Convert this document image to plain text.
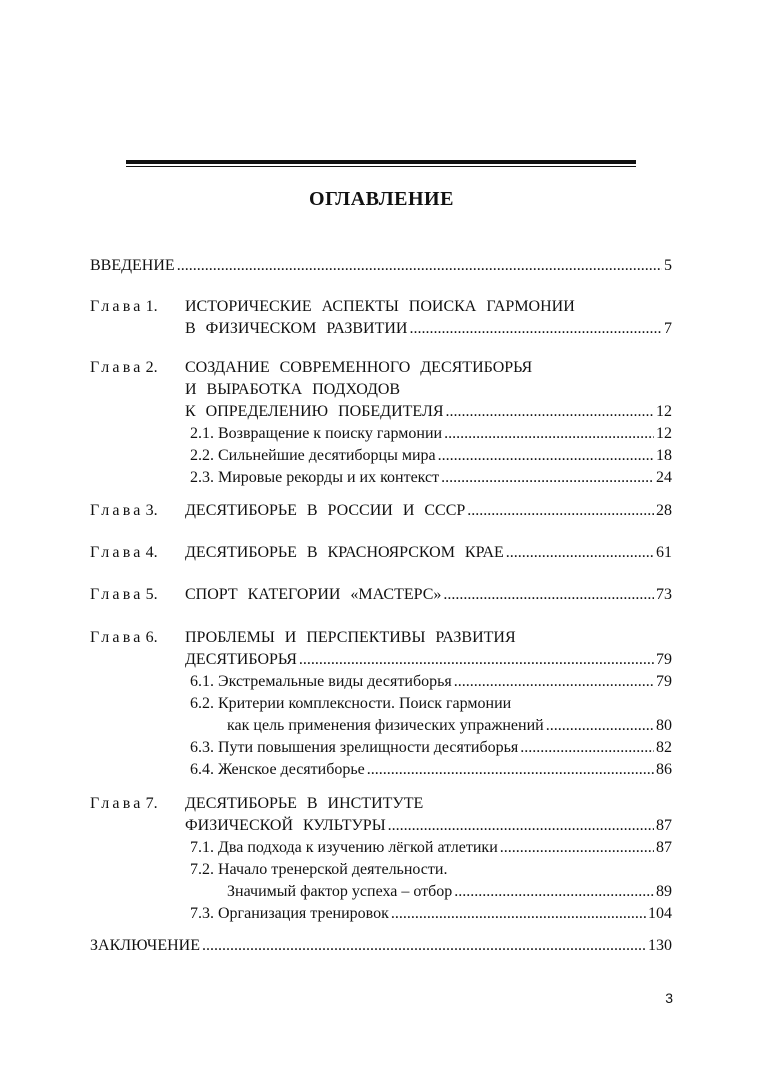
ОГЛАВЛЕНИЕ
ВВЕДЕНИЕ .....	5
Глава 1. ИСТОРИЧЕСКИЕ АСПЕКТЫ ПОИСКА ГАРМОНИИ
В ФИЗИЧЕСКОМ РАЗВИТИИ .....	7
Глава 2. СОЗДАНИЕ СОВРЕМЕННОГО ДЕСЯТИБОРЬЯ
И ВЫРАБОТКА ПОДХОДОВ
К ОПРЕДЕЛЕНИЮ ПОБЕДИТЕЛЯ .....	12
2.1. Возвращение к поиску гармонии .....	12
2.2. Сильнейшие десятиборцы мира .....	18
2.3. Мировые рекорды и их контекст .....	24
Глава 3. ДЕСЯТИБОРЬЕ В РОССИИ И СССР .....	28
Глава 4. ДЕСЯТИБОРЬЕ В КРАСНОЯРСКОМ КРАЕ .....	61
Глава 5. СПОРТ КАТЕГОРИИ «МАСТЕРС» .....	73
Глава 6. ПРОБЛЕМЫ И ПЕРСПЕКТИВЫ РАЗВИТИЯ
ДЕСЯТИБОРЬЯ .....	79
6.1. Экстремальные виды десятиборья .....	79
6.2. Критерии комплексности. Поиск гармонии
как цель применения физических упражнений .....	80
6.3. Пути повышения зрелищности десятиборья .....	82
6.4. Женское десятиборье .....	86
Глава 7. ДЕСЯТИБОРЬЕ В ИНСТИТУТЕ
ФИЗИЧЕСКОЙ КУЛЬТУРЫ .....	87
7.1. Два подхода к изучению лёгкой атлетики .....	87
7.2. Начало тренерской деятельности.
Значимый фактор успеха – отбор .....	89
7.3. Организация тренировок .....	104
ЗАКЛЮЧЕНИЕ .....	130
3
